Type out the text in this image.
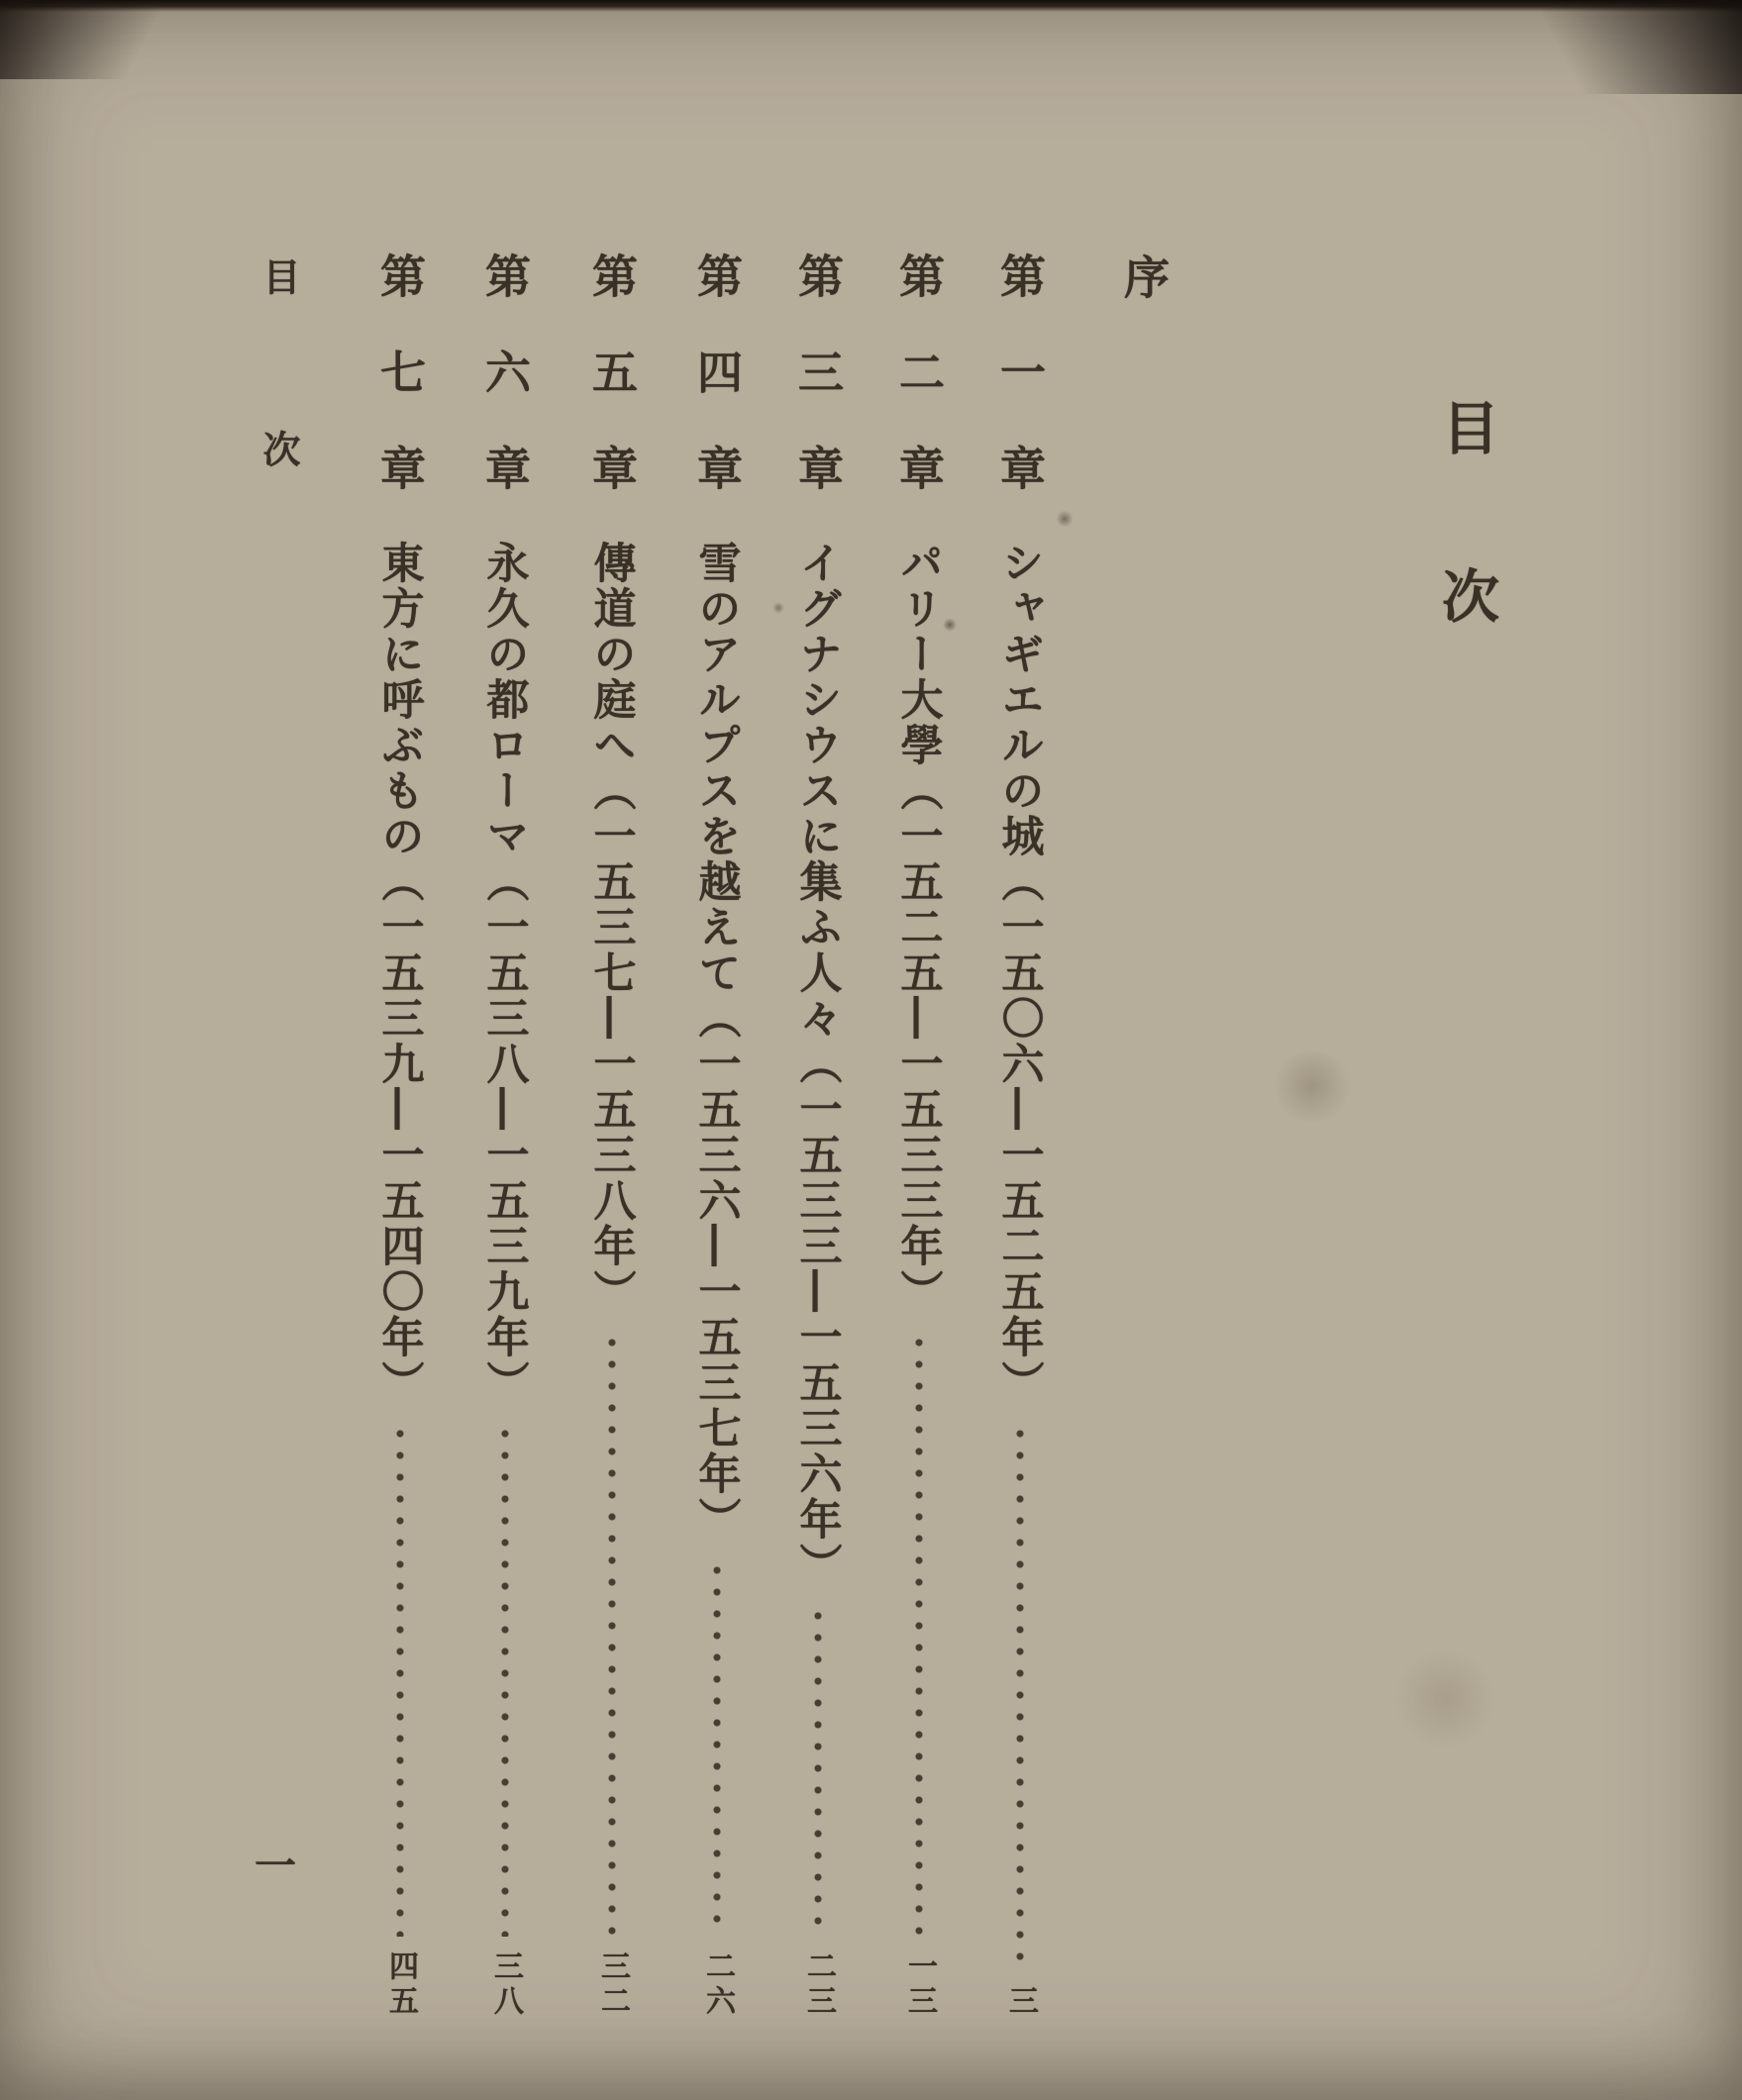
目次
序
第一章
シャギエルの城（一五〇六―一五二五年）
三
第二章
パリー大學（一五二五―一五三三年）
一三
第三章
イグナシウスに集ふ人々（一五三三―一五三六年）
二三
第四章
雪のアルプスを越えて（一五三六―一五三七年）
二六
第五章
傳道の庭へ（一五三七―一五三八年）
三二
第六章
永久の都ローマ（一五三八―一五三九年）
三八
第七章
東方に呼ぶもの（一五三九―一五四〇年）
四五
目次
一
